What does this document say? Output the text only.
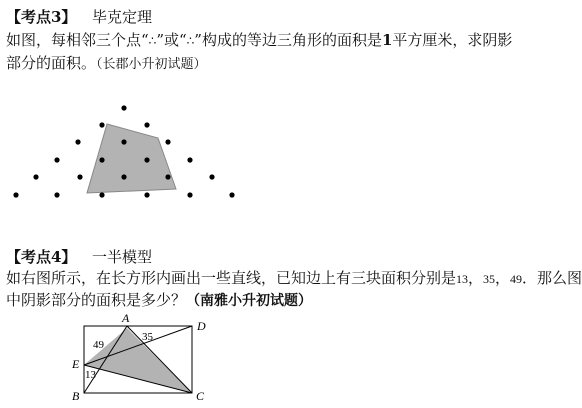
【考点3】 毕克定理
如图，每相邻三个点“∴”或“∴”构成的等边三角形的面积是1平方厘米，求阴影
部分的面积。（长郡小升初试题）
【考点4】 一半模型
如右图所示，在长方形内画出一些直线，已知边上有三块面积分别是13，35，49．那么图
中阴影部分的面积是多少？（南雅小升初试题）
A
D
E
B	C
49
35
13
